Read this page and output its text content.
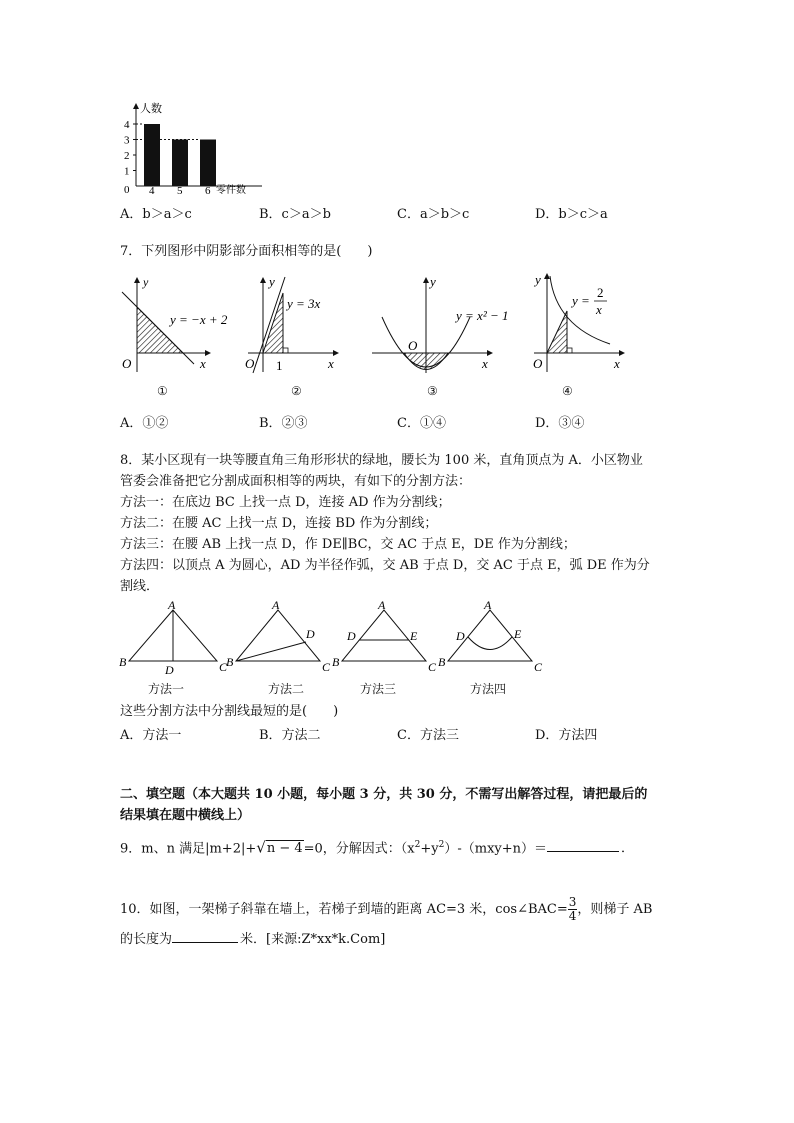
人数
零件数
0
1
2
3
4
4 5 6
A．b＞a＞c	B．c＞a＞b	C．a＞b＞c	D．b＞c＞a
7．下列图形中阴影部分面积相等的是(　　)
y
y = −x + 2
O	x
①
y
y = 3x
O 1	x
②
y
y = x² − 1
O
x
③
y
y =
2
x
O	x
④
A．①②	B．②③	C．①④	D．③④
8．某小区现有一块等腰直角三角形形状的绿地，腰长为 100 米，直角顶点为 A．小区物业
管委会准备把它分割成面积相等的两块，有如下的分割方法：
方法一：在底边 BC 上找一点 D，连接 AD 作为分割线；
方法二：在腰 AC 上找一点 D，连接 BD 作为分割线；
方法三：在腰 AB 上找一点 D，作 DE∥BC，交 AC 于点 E，DE 作为分割线；
方法四：以顶点 A 为圆心，AD 为半径作弧，交 AB 于点 D，交 AC 于点 E，弧 DE 作为分
割线．
A
B	C
D
方法一
A
B	C
D
方法二
A
B	C
D	E
方法三
A
B	C
D	E
方法四
这些分割方法中分割线最短的是(　　)
A．方法一	B．方法二	C．方法三	D．方法四
二、填空题（本大题共 10 小题，每小题 3 分，共 30 分，不需写出解答过程，请把最后的
结果填在题中横线上）
9．m、n 满足|m+2|+√n − 4=0，分解因式：$(x^2+y^2)-(mxy+n)=$	．
10．如图，一架梯子斜靠在墙上，若梯子到墙的距离 AC=3 米，cos∠BAC= $\frac{3}{4}$ ，则梯子 AB
的长度为	米．[来源:Z*xx*k.Com]
